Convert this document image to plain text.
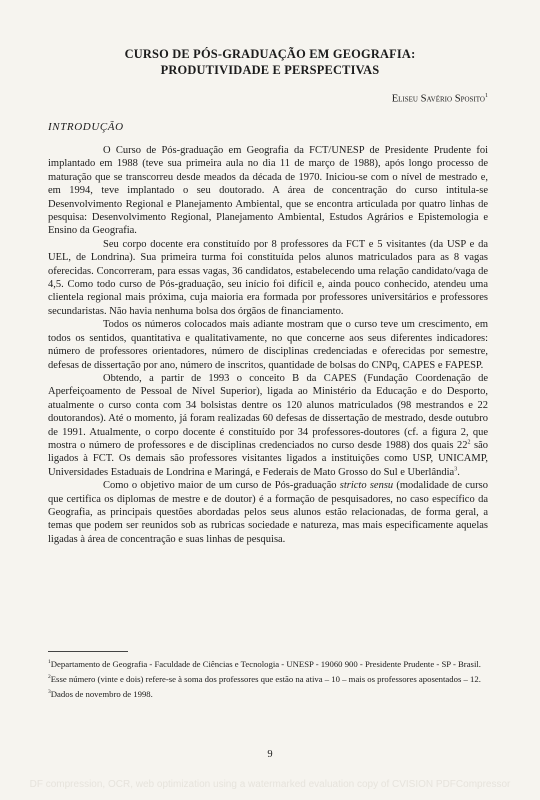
CURSO DE PÓS-GRADUAÇÃO EM GEOGRAFIA:
PRODUTIVIDADE E PERSPECTIVAS
Eliseu Savério Sposito$^1$
INTRODUÇÃO

O Curso de Pós-graduação em Geografia da FCT/UNESP de Presidente Prudente foi implantado em 1988 (teve sua primeira aula no dia 11 de março de 1988), após longo processo de maturação que se transcorreu desde meados da década de 1970. Iniciou-se com o nível de mestrado e, em 1994, teve implantado o seu doutorado. A área de concentração do curso intitula-se Desenvolvimento Regional e Planejamento Ambiental, que se encontra articulada por quatro linhas de pesquisa: Desenvolvimento Regional, Planejamento Ambiental, Estudos Agrários e Epistemologia e Ensino da Geografia.

Seu corpo docente era constituído por 8 professores da FCT e 5 visitantes (da USP e da UEL, de Londrina). Sua primeira turma foi constituída pelos alunos matriculados para as 8 vagas oferecidas. Concorreram, para essas vagas, 36 candidatos, estabelecendo uma relação candidato/vaga de 4,5. Como todo curso de Pós-graduação, seu início foi difícil e, ainda pouco conhecido, atendeu uma clientela regional mais próxima, cuja maioria era formada por professores universitários e professores secundaristas. Não havia nenhuma bolsa dos órgãos de financiamento.

Todos os números colocados mais adiante mostram que o curso teve um crescimento, em todos os sentidos, quantitativa e qualitativamente, no que concerne aos seus diferentes indicadores: número de professores orientadores, número de disciplinas credenciadas e oferecidas por semestre, defesas de dissertação por ano, número de inscritos, quantidade de bolsas do CNPq, CAPES e FAPESP.

Obtendo, a partir de 1993 o conceito B da CAPES (Fundação Coordenação de Aperfeiçoamento de Pessoal de Nível Superior), ligada ao Ministério da Educação e do Desporto, atualmente o curso conta com 34 bolsistas dentre os 120 alunos matriculados (98 mestrandos e 22 doutorandos). Até o momento, já foram realizadas 60 defesas de dissertação de mestrado, desde outubro de 1991. Atualmente, o corpo docente é constituído por 34 professores-doutores (cf. a figura 2, que mostra o número de professores e de disciplinas credenciados no curso desde 1988) dos quais $22^2$ são ligados à FCT. Os demais são professores visitantes ligados a instituições como USP, UNICAMP, Universidades Estaduais de Londrina e Maringá, e Federais de Mato Grosso do Sul e Uberlândia$^3$.

Como o objetivo maior de um curso de Pós-graduação stricto sensu (modalidade de curso que certifica os diplomas de mestre e de doutor) é a formação de pesquisadores, no caso específico da Geografia, as principais questões abordadas pelos seus alunos estão relacionadas, de forma geral, a temas que podem ser reunidos sob as rubricas sociedade e natureza, mas mais especificamente aquelas ligadas à área de concentração e suas linhas de pesquisa.

$^1$Departamento de Geografia - Faculdade de Ciências e Tecnologia - UNESP - 19060 900 - Presidente Prudente - SP - Brasil.

$^2$Esse número (vinte e dois) refere-se à soma dos professores que estão na ativa – 10 – mais os professores aposentados – 12.

$^3$Dados de novembro de 1998.

9
DF compression, OCR, web optimization using a watermarked evaluation copy of CVISION PDFCompressor
